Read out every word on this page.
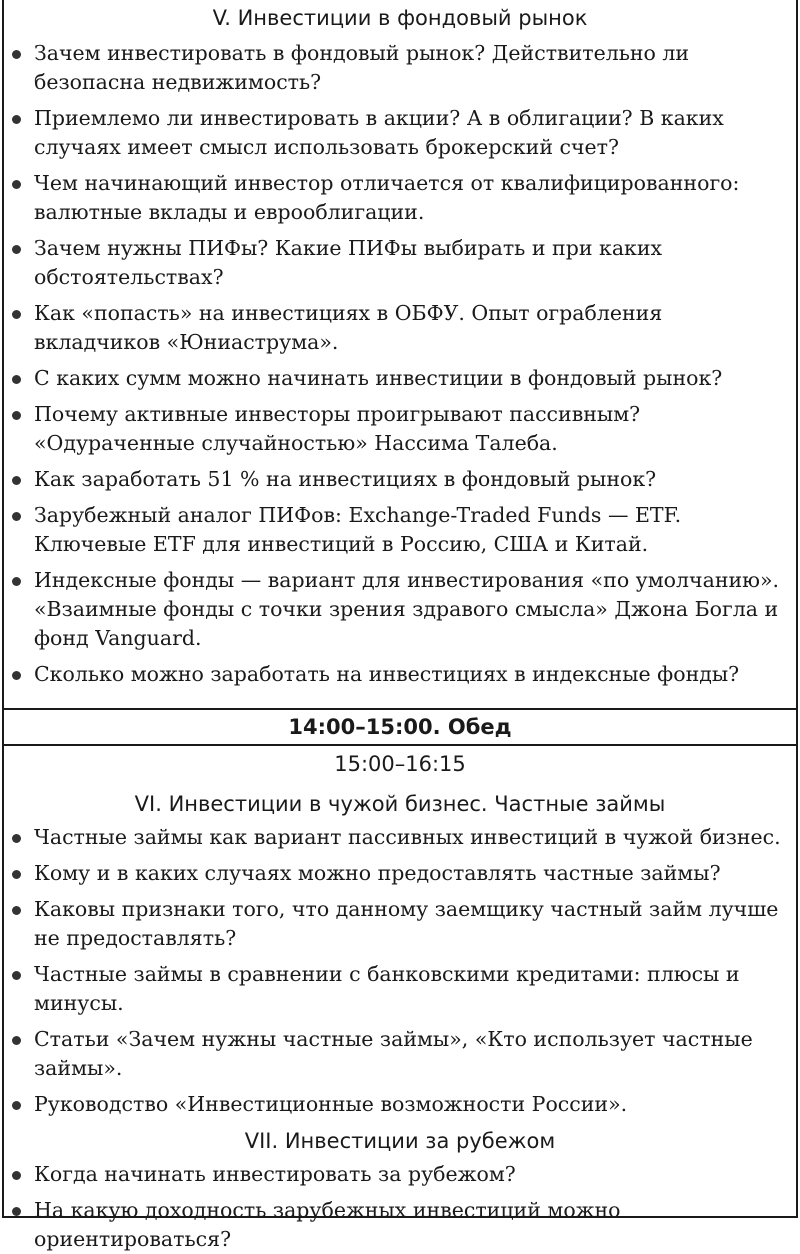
V. Инвестиции в фондовый рынок
Зачем инвестировать в фондовый рынок? Действительно ли безопасна недвижимость?
Приемлемо ли инвестировать в акции? А в облигации? В каких случаях имеет смысл использовать брокерский счет?
Чем начинающий инвестор отличается от квалифицированного: валютные вклады и еврооблигации.
Зачем нужны ПИФы? Какие ПИФы выбирать и при каких обстоятельствах?
Как «попасть» на инвестициях в ОБФУ. Опыт ограбления вкладчиков «Юниаструма».
С каких сумм можно начинать инвестиции в фондовый рынок?
Почему активные инвесторы проигрывают пассивным? «Одураченные случайностью» Нассима Талеба.
Как заработать 51 % на инвестициях в фондовый рынок?
Зарубежный аналог ПИФов: Exchange-Traded Funds — ETF. Ключевые ETF для инвестиций в Россию, США и Китай.
Индексные фонды — вариант для инвестирования «по умолчанию». «Взаимные фонды с точки зрения здравого смысла» Джона Богла и фонд Vanguard.
Сколько можно заработать на инвестициях в индексные фонды?
14:00–15:00. Обед
15:00–16:15
VI. Инвестиции в чужой бизнес. Частные займы
Частные займы как вариант пассивных инвестиций в чужой бизнес.
Кому и в каких случаях можно предоставлять частные займы?
Каковы признаки того, что данному заемщику частный займ лучше не предоставлять?
Частные займы в сравнении с банковскими кредитами: плюсы и минусы.
Статьи «Зачем нужны частные займы», «Кто использует частные займы».
Руководство «Инвестиционные возможности России».
VII. Инвестиции за рубежом
Когда начинать инвестировать за рубежом?
На какую доходность зарубежных инвестиций можно ориентироваться?
